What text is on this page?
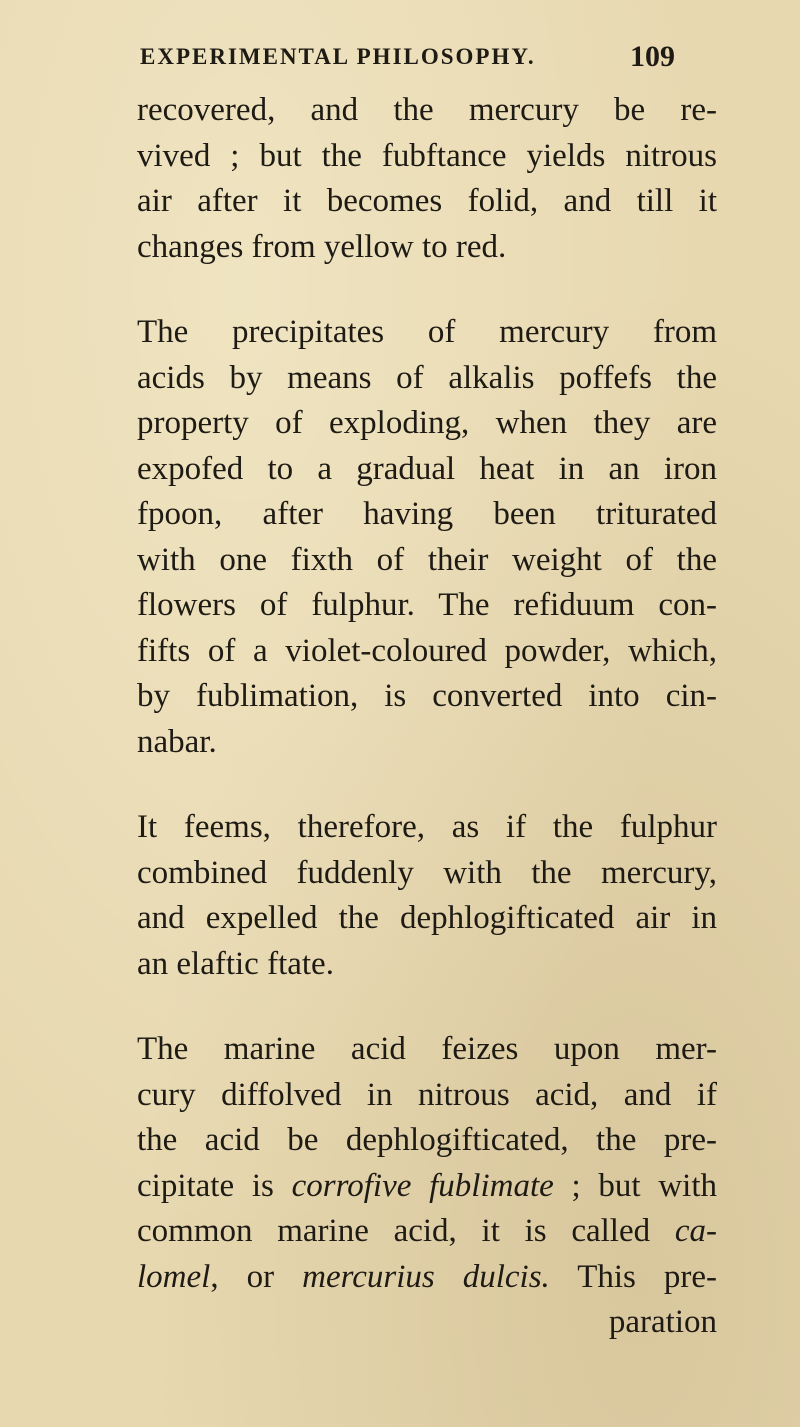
EXPERIMENTAL PHILOSOPHY.	109
recovered, and the mercury be re-
vived ; but the fubftance yields nitrous
air after it becomes folid, and till it
changes from yellow to red.
The precipitates of mercury from
acids by means of alkalis poffefs the
property of exploding, when they are
expofed to a gradual heat in an iron
fpoon, after having been triturated
with one fixth of their weight of the
flowers of fulphur. The refiduum con-
fifts of a violet-coloured powder, which,
by fublimation, is converted into cin-
nabar.
It feems, therefore, as if the fulphur
combined fuddenly with the mercury,
and expelled the dephlogifticated air in
an elaftic ftate.
The marine acid feizes upon mer-
cury diffolved in nitrous acid, and if
the acid be dephlogifticated, the pre-
cipitate is corrofive fublimate ; but with
common marine acid, it is called ca-
lomel, or mercurius dulcis. This pre-
paration
